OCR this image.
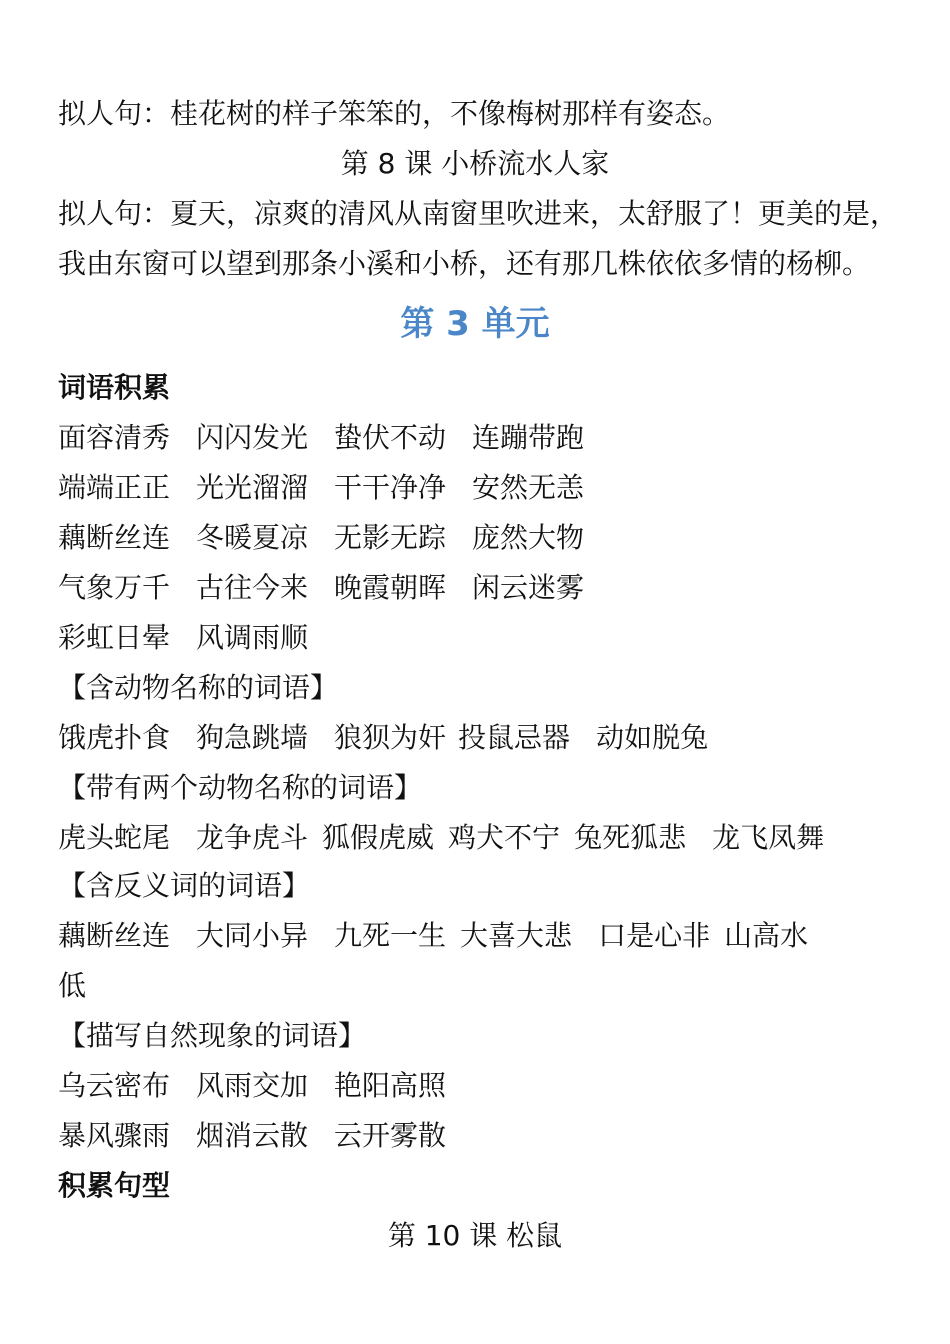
拟人句：桂花树的样子笨笨的，不像梅树那样有姿态。
第 8 课 小桥流水人家
拟人句：夏天，凉爽的清风从南窗里吹进来，太舒服了！更美的是，
我由东窗可以望到那条小溪和小桥，还有那几株依依多情的杨柳。
第 3 单元
词语积累
面容清秀 闪闪发光 蛰伏不动 连蹦带跑
端端正正 光光溜溜 干干净净 安然无恙
藕断丝连 冬暖夏凉 无影无踪 庞然大物
气象万千 古往今来 晚霞朝晖 闲云迷雾
彩虹日晕 风调雨顺
【含动物名称的词语】
饿虎扑食 狗急跳墙 狼狈为奸 投鼠忌器 动如脱兔
【带有两个动物名称的词语】
虎头蛇尾 龙争虎斗 狐假虎威 鸡犬不宁 兔死狐悲 龙飞凤舞
【含反义词的词语】
藕断丝连 大同小异 九死一生 大喜大悲 口是心非 山高水
低
【描写自然现象的词语】
乌云密布 风雨交加 艳阳高照
暴风骤雨 烟消云散 云开雾散
积累句型
第 10 课 松鼠
